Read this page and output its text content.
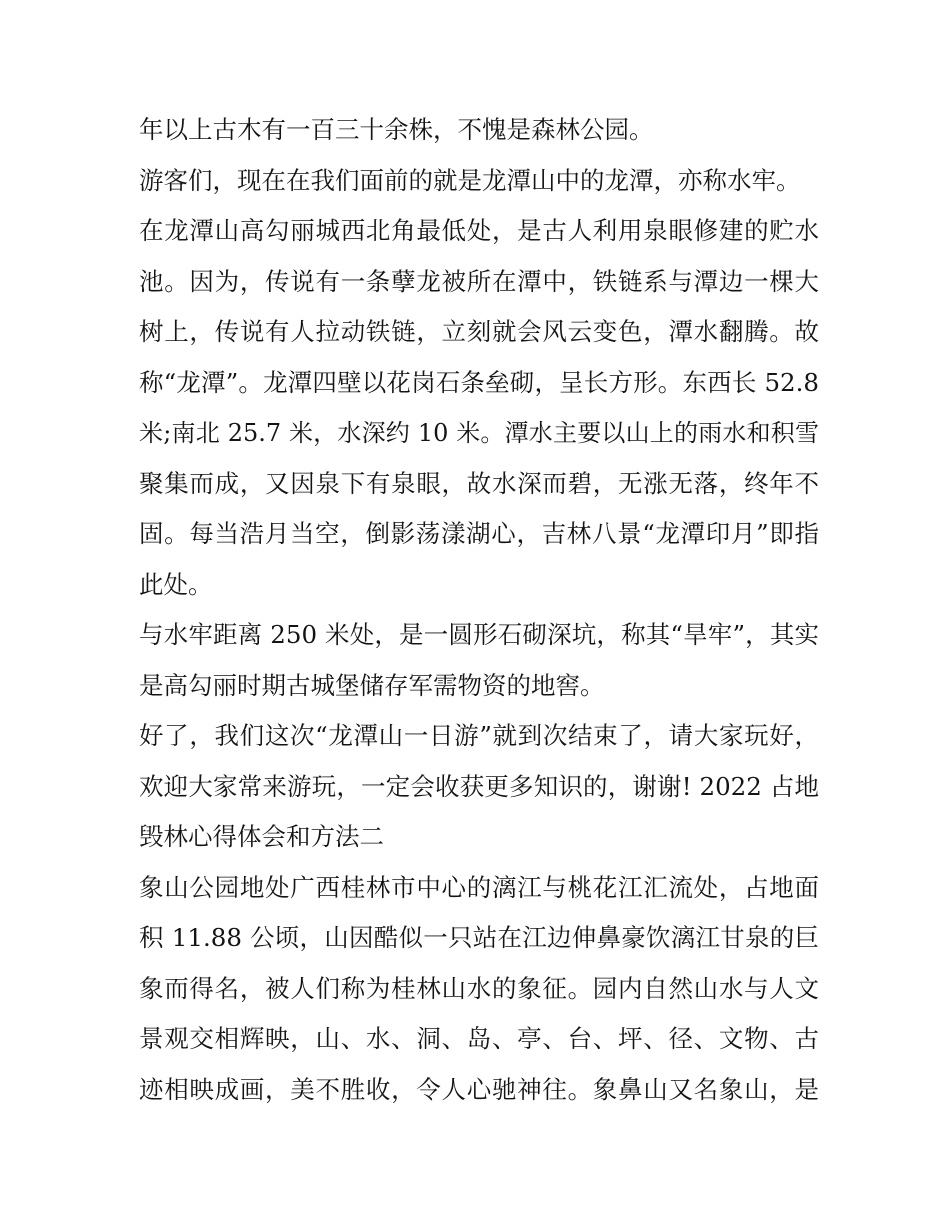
年以上古木有一百三十余株，不愧是森林公园。
游客们，现在在我们面前的就是龙潭山中的龙潭，亦称水牢。
在龙潭山高勾丽城西北角最低处，是古人利用泉眼修建的贮水
池。因为，传说有一条孽龙被所在潭中，铁链系与潭边一棵大
树上，传说有人拉动铁链，立刻就会风云变色，潭水翻腾。故
称“龙潭”。龙潭四壁以花岗石条垒砌，呈长方形。东西长 52.8
米;南北 25.7 米，水深约 10 米。潭水主要以山上的雨水和积雪
聚集而成，又因泉下有泉眼，故水深而碧，无涨无落，终年不
固。每当浩月当空，倒影荡漾湖心，吉林八景“龙潭印月”即指
此处。
与水牢距离 250 米处，是一圆形石砌深坑，称其“旱牢”，其实
是高勾丽时期古城堡储存军需物资的地窖。
好了，我们这次“龙潭山一日游”就到次结束了，请大家玩好，
欢迎大家常来游玩，一定会收获更多知识的，谢谢! 2022 占地
毁林心得体会和方法二
象山公园地处广西桂林市中心的漓江与桃花江汇流处，占地面
积 11.88 公顷，山因酷似一只站在江边伸鼻豪饮漓江甘泉的巨
象而得名，被人们称为桂林山水的象征。园内自然山水与人文
景观交相辉映，山、水、洞、岛、亭、台、坪、径、文物、古
迹相映成画，美不胜收，令人心驰神往。象鼻山又名象山，是
